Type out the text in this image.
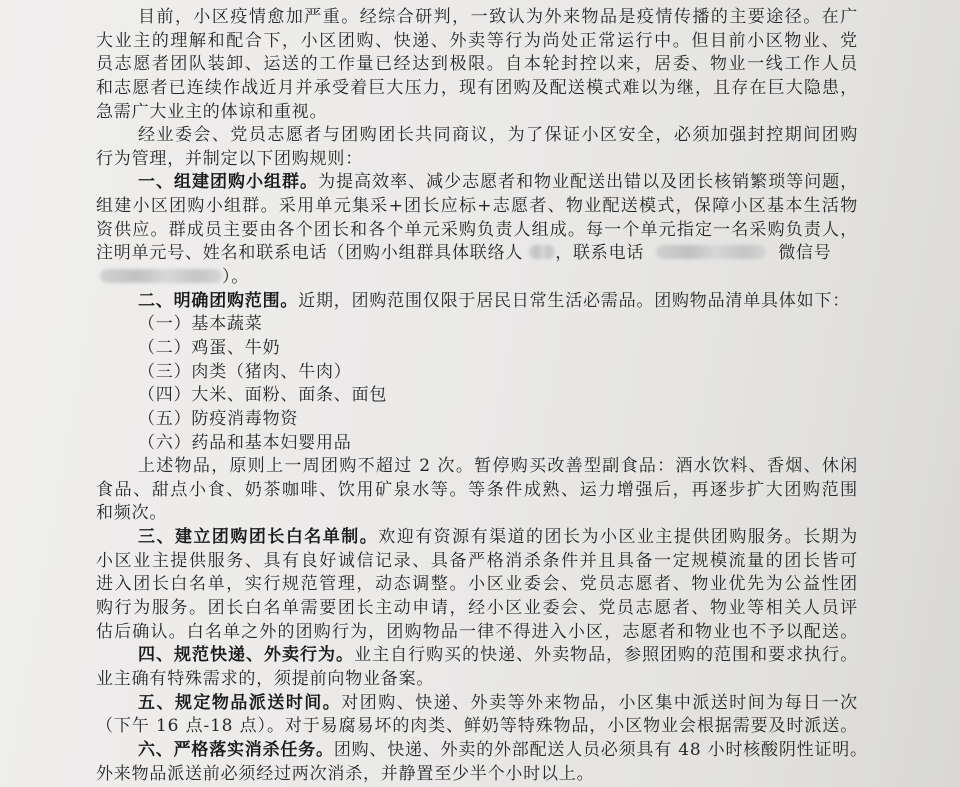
目前，小区疫情愈加严重。经综合研判，一致认为外来物品是疫情传播的主要途径。在广
大业主的理解和配合下，小区团购、快递、外卖等行为尚处正常运行中。但目前小区物业、党
员志愿者团队装卸、运送的工作量已经达到极限。自本轮封控以来，居委、物业一线工作人员
和志愿者已连续作战近月并承受着巨大压力，现有团购及配送模式难以为继，且存在巨大隐患，
急需广大业主的体谅和重视。
经业委会、党员志愿者与团购团长共同商议，为了保证小区安全，必须加强封控期间团购
行为管理，并制定以下团购规则：
一、组建团购小组群。为提高效率、减少志愿者和物业配送出错以及团长核销繁琐等问题，
组建小区团购小组群。采用单元集采+团长应标+志愿者、物业配送模式，保障小区基本生活物
资供应。群成员主要由各个团长和各个单元采购负责人组成。每一个单元指定一名采购负责人，
注明单元号、姓名和联系电话（团购小组群具体联络人 ，联系电话	微信号
）。
二、明确团购范围。近期，团购范围仅限于居民日常生活必需品。团购物品清单具体如下：
（一）基本蔬菜
（二）鸡蛋、牛奶
（三）肉类（猪肉、牛肉）
（四）大米、面粉、面条、面包
（五）防疫消毒物资
（六）药品和基本妇婴用品
上述物品，原则上一周团购不超过 2 次。暂停购买改善型副食品：酒水饮料、香烟、休闲
食品、甜点小食、奶茶咖啡、饮用矿泉水等。等条件成熟、运力增强后，再逐步扩大团购范围
和频次。
三、建立团购团长白名单制。欢迎有资源有渠道的团长为小区业主提供团购服务。长期为
小区业主提供服务、具有良好诚信记录、具备严格消杀条件并且具备一定规模流量的团长皆可
进入团长白名单，实行规范管理，动态调整。小区业委会、党员志愿者、物业优先为公益性团
购行为服务。团长白名单需要团长主动申请，经小区业委会、党员志愿者、物业等相关人员评
估后确认。白名单之外的团购行为，团购物品一律不得进入小区，志愿者和物业也不予以配送。
四、规范快递、外卖行为。业主自行购买的快递、外卖物品，参照团购的范围和要求执行。
业主确有特殊需求的，须提前向物业备案。
五、规定物品派送时间。对团购、快递、外卖等外来物品，小区集中派送时间为每日一次
（下午 16 点-18 点）。对于易腐易坏的肉类、鲜奶等特殊物品，小区物业会根据需要及时派送。
六、严格落实消杀任务。团购、快递、外卖的外部配送人员必须具有 48 小时核酸阴性证明。
外来物品派送前必须经过两次消杀，并静置至少半个小时以上。
